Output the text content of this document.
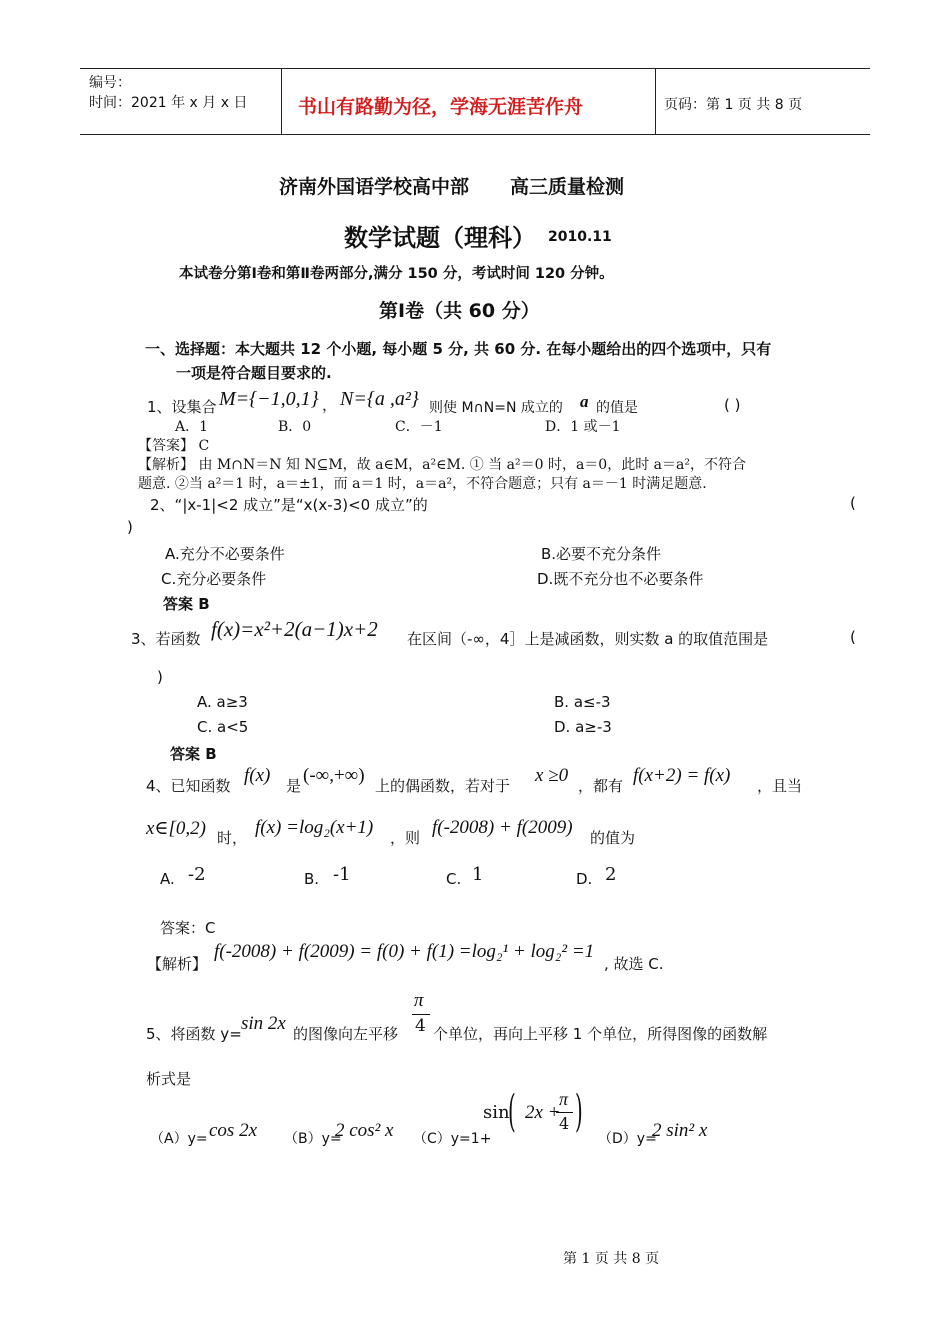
编号：
时间：2021 年 x 月 x 日	书山有路勤为径，学海无涯苦作舟	页码：第 1 页 共 8 页
济南外国语学校高中部 高三质量检测
数学试题（理科） 2010.11
本试卷分第Ⅰ卷和第Ⅱ卷两部分,满分 150 分，考试时间 120 分钟。
第Ⅰ卷（共 60 分）
一、选择题：本大题共 12 个小题, 每小题 5 分, 共 60 分. 在每小题给出的四个选项中，只有
一项是符合题目要求的.
1、设集合 M={−1,0,1} ， N={a ,a²} 则使 M∩N=N 成立的 a 的值是	( )
A．1	B．0	C．－1	D．1 或－1
【答案】 C
【解析】 由 M∩N＝N 知 N⊆M，故 a∈M，a²∈M. ① 当 a²＝0 时，a＝0，此时 a＝a²，不符合
题意. ②当 a²＝1 时，a＝±1，而 a＝1 时，a＝a²，不符合题意；只有 a＝－1 时满足题意.
2、“|x-1|<2 成立”是“x(x-3)<0 成立”的	(
)
A.充分不必要条件	B.必要不充分条件
C.充分必要条件	D.既不充分也不必要条件
答案 B
3、若函数 f(x)=x²+2(a−1)x+2 在区间（-∞，4］上是减函数，则实数 a 的取值范围是	(
)
A. a≥3	B. a≤-3
C. a<5	D. a≥-3
答案 B
4、已知函数 f(x) 是 (-∞,+∞) 上的偶函数，若对于 x ≥0 ，都有 f(x+2) = f(x) ，且当
x∈[0,2) 时， f(x) =log₂(x+1) ，则 f(-2008) + f(2009) 的值为
A. -2	B. -1	C. 1	D. 2
答案：C
【解析】
f(-2008) + f(2009) = f(0) + f(1) =log₂¹ + log₂² =1
, 故选 C.
5、将函数 y= sin 2x 的图像向左平移
π
4 个单位，再向上平移 1 个单位，所得图像的函数解
析式是
（A）y= cos 2x （B）y=
2 cos² x （C）y=1+
sin
( 2x +
π
4 )
（D）y=
2 sin² x
第 1 页 共 8 页
